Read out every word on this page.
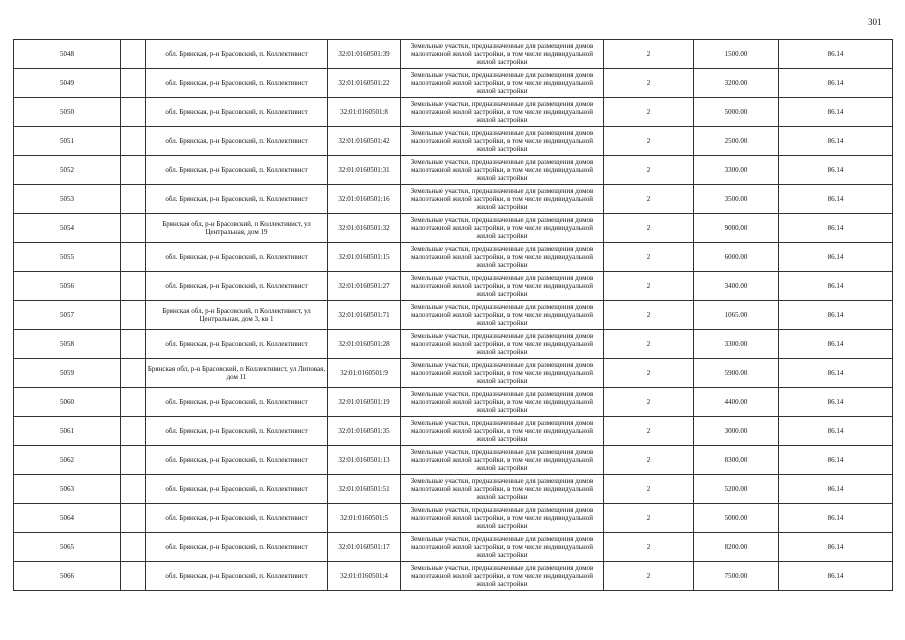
301
5048		обл. Брянская, р-н Брасовский, п. Коллективист	32:01:0160501:39	Земельные участки, предназначенные для размещения домов малоэтажной жилой застройки, в том числе индивидуальной жилой застройки	2	1500.00	86.14	
5049		обл. Брянская, р-н Брасовский, п. Коллективист	32:01:0160501:22	Земельные участки, предназначенные для размещения домов малоэтажной жилой застройки, в том числе индивидуальной жилой застройки	2	3200.00	86.14	
5050		обл. Брянская, р-н Брасовский, п. Коллективист	32:01:0160501:8	Земельные участки, предназначенные для размещения домов малоэтажной жилой застройки, в том числе индивидуальной жилой застройки	2	5000.00	86.14	
5051		обл. Брянская, р-н Брасовский, п. Коллективист	32:01:0160501:42	Земельные участки, предназначенные для размещения домов малоэтажной жилой застройки, в том числе индивидуальной жилой застройки	2	2500.00	86.14	
5052		обл. Брянская, р-н Брасовский, п. Коллективист	32:01:0160501:31	Земельные участки, предназначенные для размещения домов малоэтажной жилой застройки, в том числе индивидуальной жилой застройки	2	3300.00	86.14	
5053		обл. Брянская, р-н Брасовский, п. Коллективист	32:01:0160501:16	Земельные участки, предназначенные для размещения домов малоэтажной жилой застройки, в том числе индивидуальной жилой застройки	2	3500.00	86.14	
5054		Брянская обл, р-н Брасовский, п Коллективист, ул Центральная, дом 19	32:01:0160501:32	Земельные участки, предназначенные для размещения домов малоэтажной жилой застройки, в том числе индивидуальной жилой застройки	2	9000.00	86.14	
5055		обл. Брянская, р-н Брасовский, п. Коллективист	32:01:0160501:15	Земельные участки, предназначенные для размещения домов малоэтажной жилой застройки, в том числе индивидуальной жилой застройки	2	6000.00	86.14	
5056		обл. Брянская, р-н Брасовский, п. Коллективист	32:01:0160501:27	Земельные участки, предназначенные для размещения домов малоэтажной жилой застройки, в том числе индивидуальной жилой застройки	2	3400.00	86.14	
5057		Брянская обл, р-н Брасовский, п Коллективист, ул Центральная, дом 3, кв 1	32:01:0160501:71	Земельные участки, предназначенные для размещения домов малоэтажной жилой застройки, в том числе индивидуальной жилой застройки	2	1065.00	86.14	
5058		обл. Брянская, р-н Брасовский, п. Коллективист	32:01:0160501:28	Земельные участки, предназначенные для размещения домов малоэтажной жилой застройки, в том числе индивидуальной жилой застройки	2	3300.00	86.14	
5059		Брянская обл, р-н Брасовский, п Коллективист, ул Липовая, дом 11	32:01:0160501:9	Земельные участки, предназначенные для размещения домов малоэтажной жилой застройки, в том числе индивидуальной жилой застройки	2	5900.00	86.14	
5060		обл. Брянская, р-н Брасовский, п. Коллективист	32:01:0160501:19	Земельные участки, предназначенные для размещения домов малоэтажной жилой застройки, в том числе индивидуальной жилой застройки	2	4400.00	86.14	
5061		обл. Брянская, р-н Брасовский, п. Коллективист	32:01:0160501:35	Земельные участки, предназначенные для размещения домов малоэтажной жилой застройки, в том числе индивидуальной жилой застройки	2	3000.00	86.14	
5062		обл. Брянская, р-н Брасовский, п. Коллективист	32:01:0160501:13	Земельные участки, предназначенные для размещения домов малоэтажной жилой застройки, в том числе индивидуальной жилой застройки	2	8300.00	86.14	
5063		обл. Брянская, р-н Брасовский, п. Коллективист	32:01:0160501:51	Земельные участки, предназначенные для размещения домов малоэтажной жилой застройки, в том числе индивидуальной жилой застройки	2	5200.00	86.14	
5064		обл. Брянская, р-н Брасовский, п. Коллективист	32:01:0160501:5	Земельные участки, предназначенные для размещения домов малоэтажной жилой застройки, в том числе индивидуальной жилой застройки	2	5000.00	86.14	
5065		обл. Брянская, р-н Брасовский, п. Коллективист	32:01:0160501:17	Земельные участки, предназначенные для размещения домов малоэтажной жилой застройки, в том числе индивидуальной жилой застройки	2	8200.00	86.14	
5066		обл. Брянская, р-н Брасовский, п. Коллективист	32:01:0160501:4	Земельные участки, предназначенные для размещения домов малоэтажной жилой застройки, в том числе индивидуальной жилой застройки	2	7500.00	86.14	
